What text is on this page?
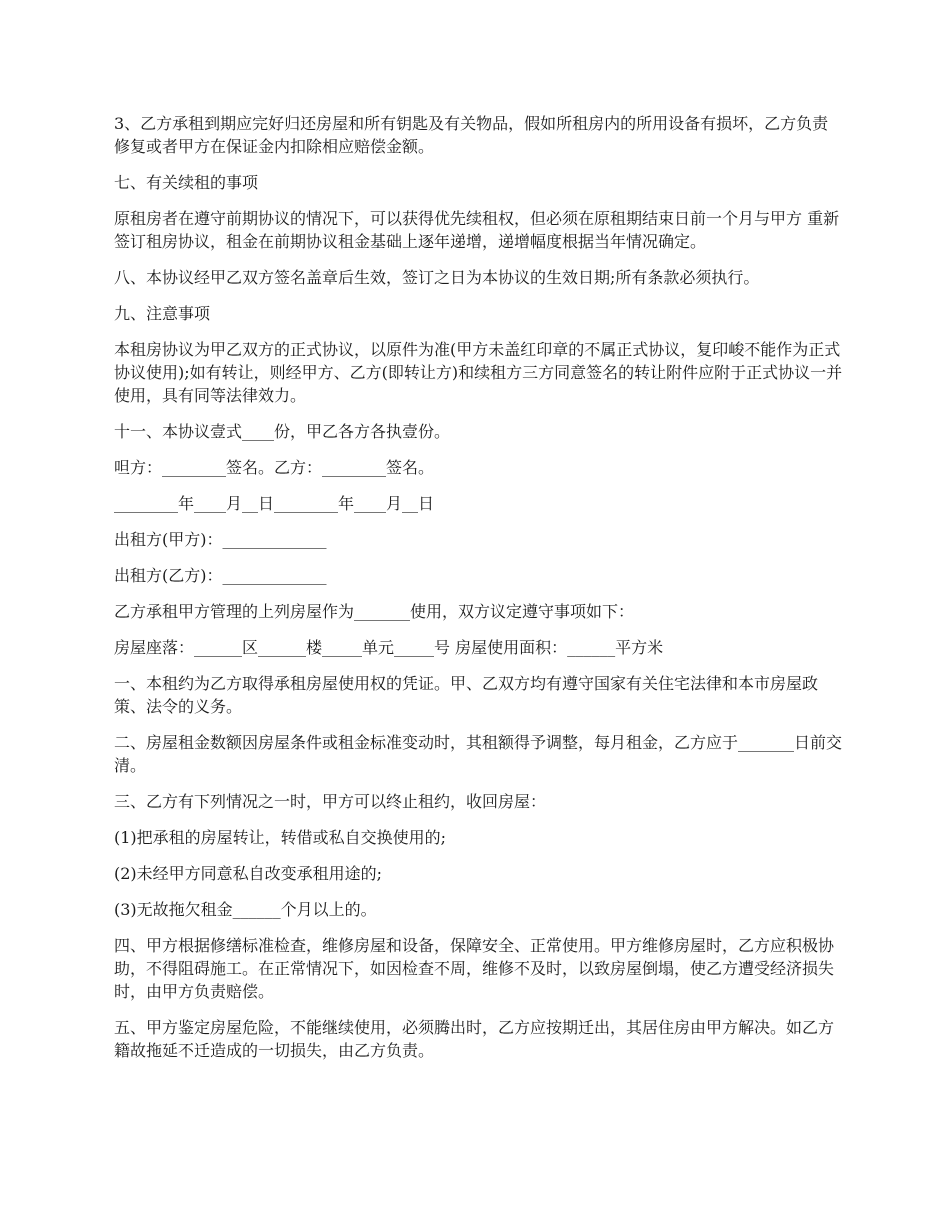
3、乙方承租到期应完好归还房屋和所有钥匙及有关物品，假如所租房内的所用设备有损坏，乙方负责修复或者甲方在保证金内扣除相应赔偿金额。

七、有关续租的事项

原租房者在遵守前期协议的情况下，可以获得优先续租权，但必须在原租期结束日前一个月与甲方 重新签订租房协议，租金在前期协议租金基础上逐年递增，递增幅度根据当年情况确定。

八、本协议经甲乙双方签名盖章后生效，签订之日为本协议的生效日期;所有条款必须执行。

九、注意事项

本租房协议为甲乙双方的正式协议，以原件为准(甲方未盖红印章的不属正式协议，复印峻不能作为正式协议使用);如有转让，则经甲方、乙方(即转让方)和续租方三方同意签名的转让附件应附于正式协议一并使用，具有同等法律效力。

十一、本协议壹式____份，甲乙各方各执壹份。

呾方：________签名。乙方：________签名。

________年____月__日________年____月__日

出租方(甲方)：_____________

出租方(乙方)：_____________

乙方承租甲方管理的上列房屋作为_______使用，双方议定遵守事项如下：

房屋座落：______区______楼_____单元_____号 房屋使用面积：______平方米

一、本租约为乙方取得承租房屋使用权的凭证。甲、乙双方均有遵守国家有关住宅法律和本市房屋政策、法令的义务。

二、房屋租金数额因房屋条件或租金标准变动时，其租额得予调整，每月租金，乙方应于_______日前交清。

三、乙方有下列情况之一时，甲方可以终止租约，收回房屋：

(1)把承租的房屋转让，转借或私自交换使用的;

(2)未经甲方同意私自改变承租用途的;

(3)无故拖欠租金______个月以上的。

四、甲方根据修缮标准检查，维修房屋和设备，保障安全、正常使用。甲方维修房屋时，乙方应积极协助，不得阻碍施工。在正常情况下，如因检查不周，维修不及时，以致房屋倒塌，使乙方遭受经济损失时，由甲方负责赔偿。

五、甲方鉴定房屋危险，不能继续使用，必须腾出时，乙方应按期迁出，其居住房由甲方解决。如乙方籍故拖延不迁造成的一切损失，由乙方负责。
